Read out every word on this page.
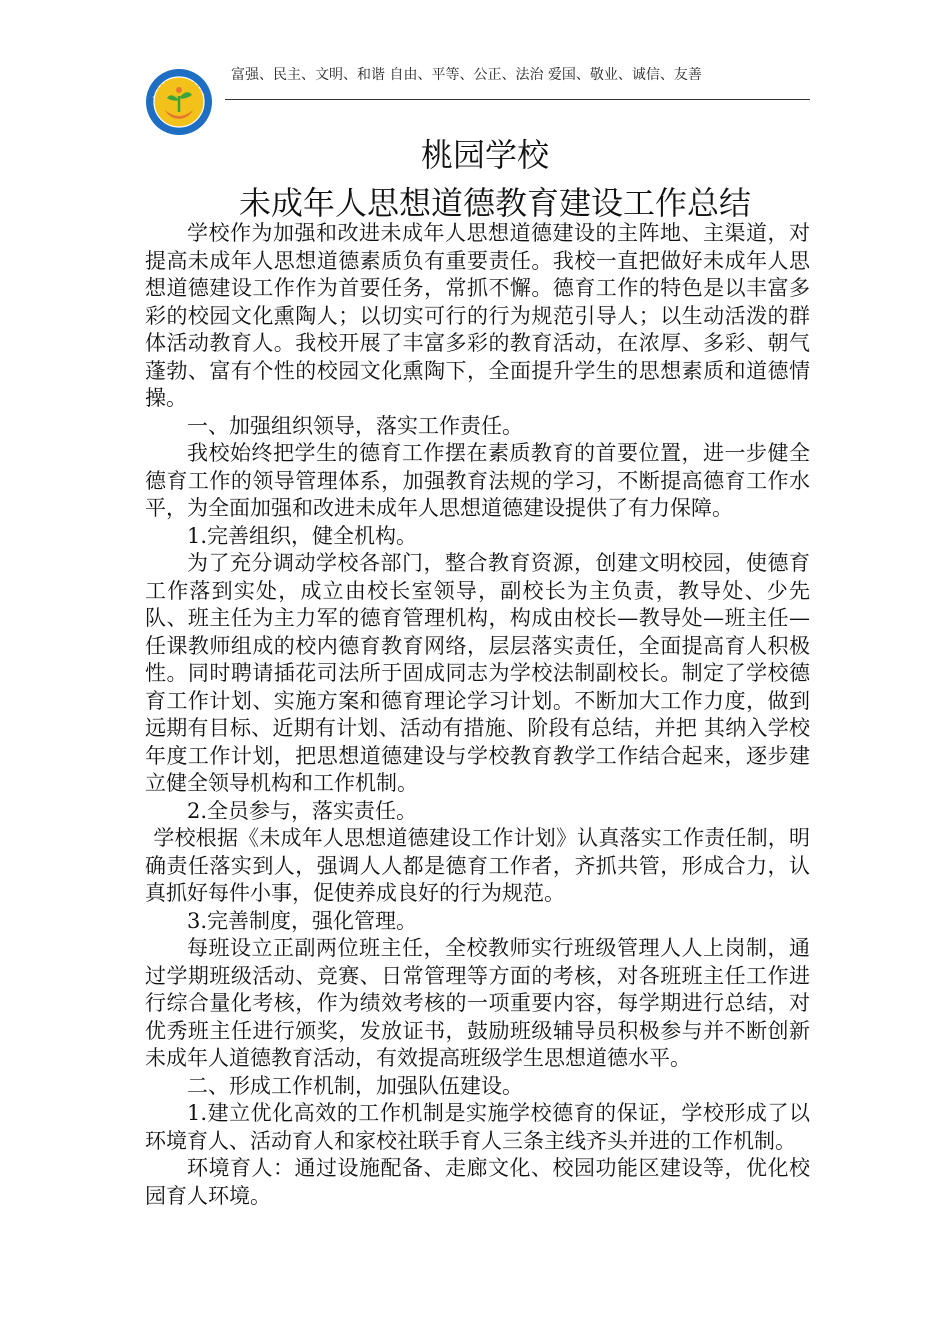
富强、民主、文明、和谐 自由、平等、公正、法治 爱国、敬业、诚信、友善
桃园学校
未成年人思想道德教育建设工作总结

学校作为加强和改进未成年人思想道德建设的主阵地、主渠道，对提高未成年人思想道德素质负有重要责任。我校一直把做好未成年人思想道德建设工作作为首要任务，常抓不懈。德育工作的特色是以丰富多彩的校园文化熏陶人；以切实可行的行为规范引导人；以生动活泼的群体活动教育人。我校开展了丰富多彩的教育活动，在浓厚、多彩、朝气蓬勃、富有个性的校园文化熏陶下，全面提升学生的思想素质和道德情操。

一、加强组织领导，落实工作责任。

我校始终把学生的德育工作摆在素质教育的首要位置，进一步健全德育工作的领导管理体系，加强教育法规的学习，不断提高德育工作水平，为全面加强和改进未成年人思想道德建设提供了有力保障。

1.完善组织，健全机构。

为了充分调动学校各部门，整合教育资源，创建文明校园，使德育工作落到实处，成立由校长室领导，副校长为主负责，教导处、少先队、班主任为主力军的德育管理机构，构成由校长—教导处—班主任—任课教师组成的校内德育教育网络，层层落实责任，全面提高育人积极性。同时聘请插花司法所于固成同志为学校法制副校长。制定了学校德育工作计划、实施方案和德育理论学习计划。不断加大工作力度，做到远期有目标、近期有计划、活动有措施、阶段有总结，并把 其纳入学校年度工作计划，把思想道德建设与学校教育教学工作结合起来，逐步建立健全领导机构和工作机制。

2.全员参与，落实责任。

学校根据《未成年人思想道德建设工作计划》认真落实工作责任制，明确责任落实到人，强调人人都是德育工作者，齐抓共管，形成合力，认真抓好每件小事，促使养成良好的行为规范。

3.完善制度，强化管理。

每班设立正副两位班主任，全校教师实行班级管理人人上岗制，通过学期班级活动、竞赛、日常管理等方面的考核，对各班班主任工作进行综合量化考核，作为绩效考核的一项重要内容，每学期进行总结，对优秀班主任进行颁奖，发放证书，鼓励班级辅导员积极参与并不断创新未成年人道德教育活动，有效提高班级学生思想道德水平。

二、形成工作机制，加强队伍建设。

1.建立优化高效的工作机制是实施学校德育的保证，学校形成了以环境育人、活动育人和家校社联手育人三条主线齐头并进的工作机制。

环境育人：通过设施配备、走廊文化、校园功能区建设等，优化校园育人环境。
